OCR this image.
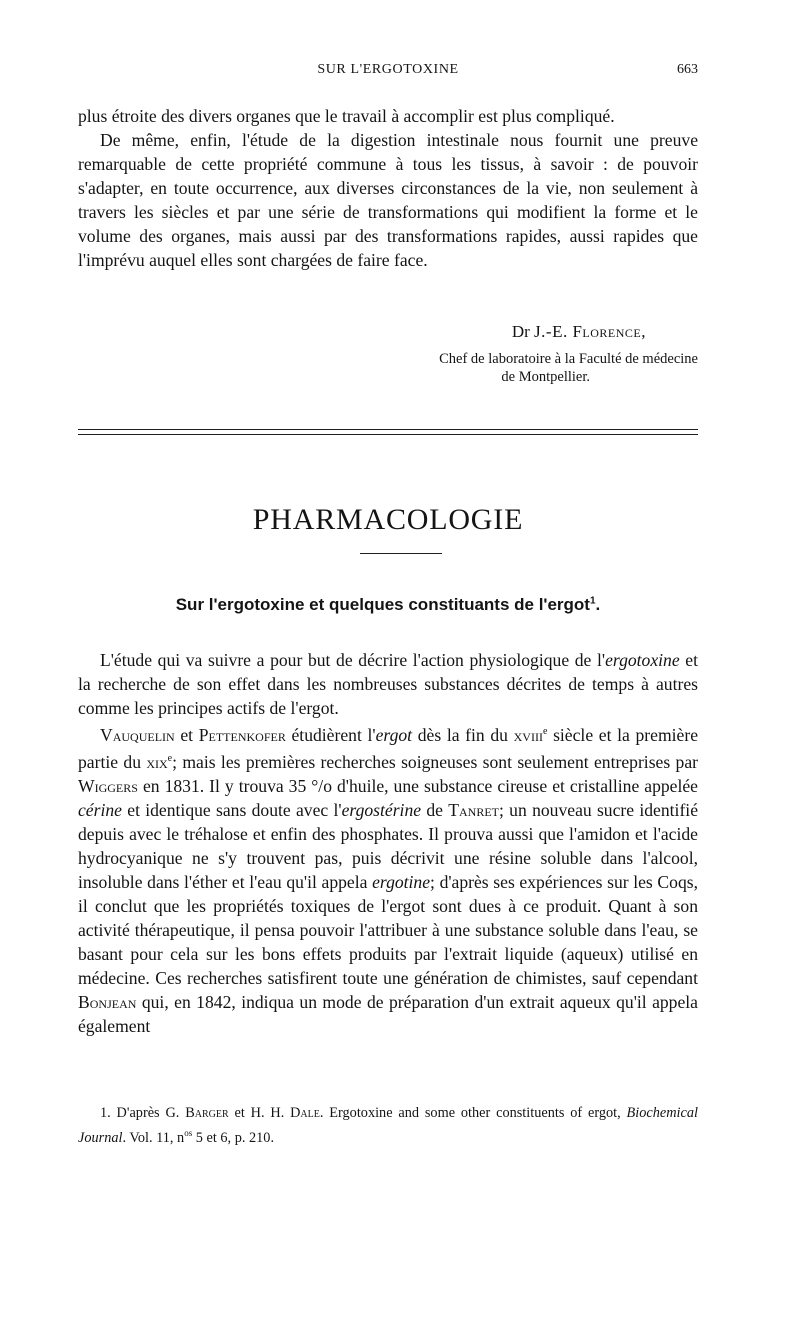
SUR L'ERGOTOXINE	663

plus étroite des divers organes que le travail à accomplir est plus compliqué.

De même, enfin, l'étude de la digestion intestinale nous fournit une preuve remarquable de cette propriété commune à tous les tissus, à savoir : de pouvoir s'adapter, en toute occurrence, aux diverses circonstances de la vie, non seulement à travers les siècles et par une série de transformations qui modifient la forme et le volume des organes, mais aussi par des transformations rapides, aussi rapides que l'imprévu auquel elles sont chargées de faire face.

Dr J.-E. Florence,
Chef de laboratoire à la Faculté de médecine
de Montpellier.
PHARMACOLOGIE
Sur l'ergotoxine et quelques constituants de l'ergot$^1$.

L'étude qui va suivre a pour but de décrire l'action physiologique de l'ergotoxine et la recherche de son effet dans les nombreuses substances décrites de temps à autres comme les principes actifs de l'ergot.

Vauquelin et Pettenkofer étudièrent l'ergot dès la fin du xviii$^e$ siècle et la première partie du xix$^e$; mais les premières recherches soigneuses sont seulement entreprises par Wiggers en 1831. Il y trouva 35 °/o d'huile, une substance cireuse et cristalline appelée cérine et identique sans doute avec l'ergostérine de Tanret; un nouveau sucre identifié depuis avec le tréhalose et enfin des phosphates. Il prouva aussi que l'amidon et l'acide hydrocyanique ne s'y trouvent pas, puis décrivit une résine soluble dans l'alcool, insoluble dans l'éther et l'eau qu'il appela ergotine; d'après ses expériences sur les Coqs, il conclut que les propriétés toxiques de l'ergot sont dues à ce produit. Quant à son activité thérapeutique, il pensa pouvoir l'attribuer à une substance soluble dans l'eau, se basant pour cela sur les bons effets produits par l'extrait liquide (aqueux) utilisé en médecine. Ces recherches satisfirent toute une génération de chimistes, sauf cependant Bonjean qui, en 1842, indiqua un mode de préparation d'un extrait aqueux qu'il appela également

1. D'après G. Barger et H. H. Dale. Ergotoxine and some other constituents of ergot, Biochemical Journal. Vol. 11, $n^{os}$ 5 et 6, p. 210.
